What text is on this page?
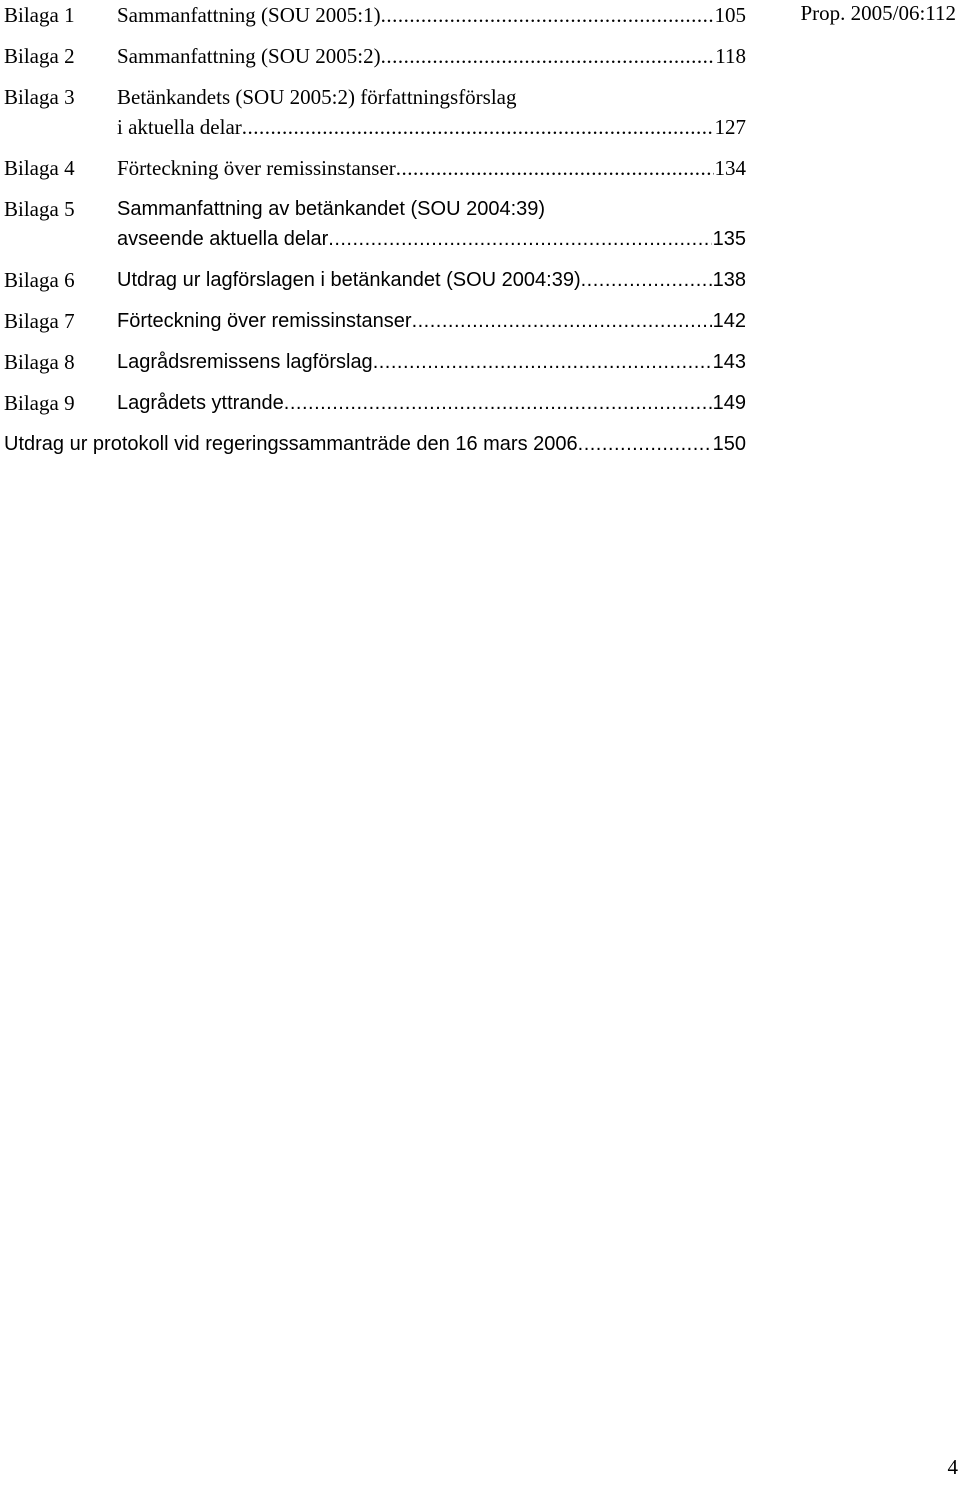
Prop. 2005/06:112
Bilaga 1	Sammanfattning (SOU 2005:1) .....	105
Bilaga 2	Sammanfattning (SOU 2005:2) .....	118
Bilaga 3	Betänkandets (SOU 2005:2) författningsförslag
i aktuella delar .....	127
Bilaga 4	Förteckning över remissinstanser .....	134
Bilaga 5	Sammanfattning av betänkandet (SOU 2004:39)
avseende aktuella delar .....	135
Bilaga 6	Utdrag ur lagförslagen i betänkandet (SOU 2004:39) .....	138
Bilaga 7	Förteckning över remissinstanser .....	142
Bilaga 8	Lagrådsremissens lagförslag .....	143
Bilaga 9	Lagrådets yttrande .....	149
Utdrag ur protokoll vid regeringssammanträde den 16 mars 2006 .....	150
4
